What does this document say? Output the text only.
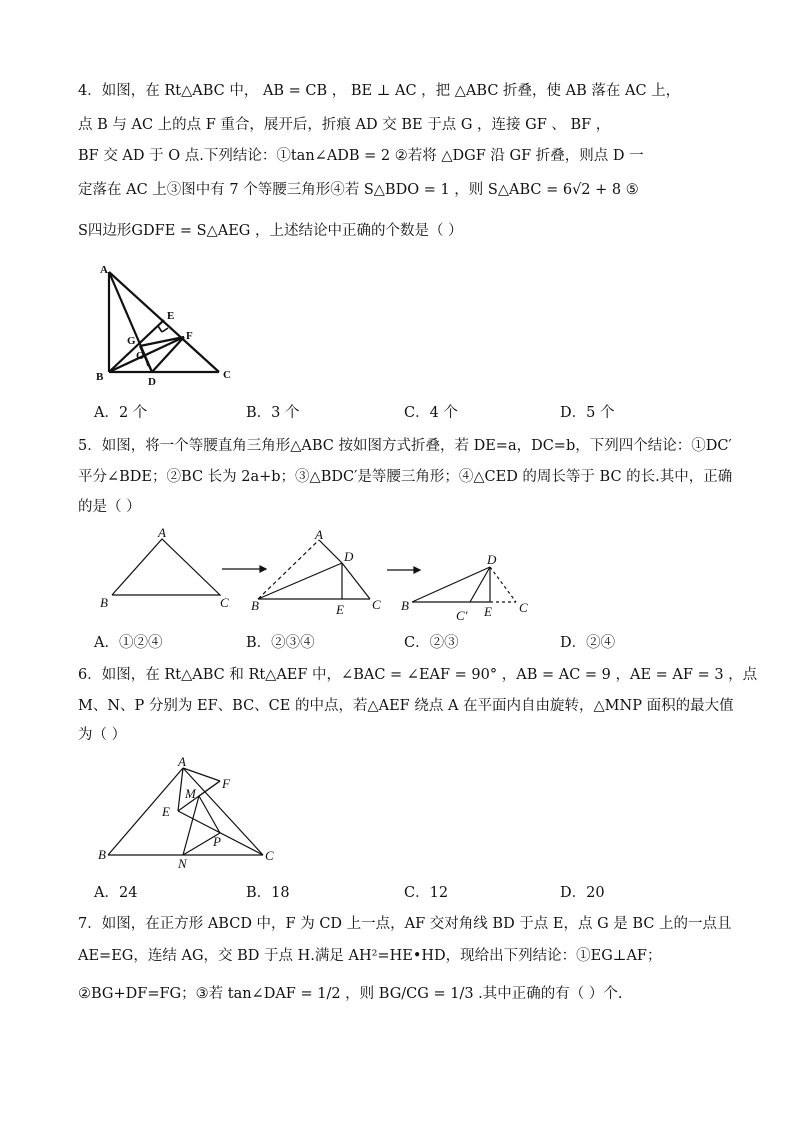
4．如图，在 Rt△ABC 中， AB = CB ， BE ⊥ AC ，把 △ABC 折叠，使 AB 落在 AC 上，
点 B 与 AC 上的点 F 重合，展开后，折痕 AD 交 BE 于点 G ，连接 GF 、 BF ，
BF 交 AD 于 O 点.下列结论：①tan∠ADB = 2 ②若将 △DGF 沿 GF 折叠，则点 D 一
定落在 AC 上③图中有 7 个等腰三角形④若 S△BDO = 1 ，则 S△ABC = 6√2 + 8 ⑤
S四边形GDFE = S△AEG ，上述结论中正确的个数是（ ）
A
E
F
G
O
B	D
C
A．2 个	B．3 个	C．4 个	D．5 个
5．如图，将一个等腰直角三角形△ABC 按如图方式折叠，若 DE=a，DC=b，下列四个结论：①DC′
平分∠BDE；②BC 长为 2a+b；③△BDC′是等腰三角形；④△CED 的周长等于 BC 的长.其中，正确
的是（ ）
A
B	C
A
D
B	E C
D
B
C′ E C
A．①②④	B．②③④	C．②③	D．②④
6．如图，在 Rt△ABC 和 Rt△AEF 中，∠BAC = ∠EAF = 90° ，AB = AC = 9 ，AE = AF = 3 ，点
M、N、P 分别为 EF、BC、CE 的中点，若△AEF 绕点 A 在平面内自由旋转，△MNP 面积的最大值
为（ ）
A
F
M
E
P
B
N
C
A．24	B．18	C．12	D．20
7．如图，在正方形 ABCD 中，F 为 CD 上一点，AF 交对角线 BD 于点 E，点 G 是 BC 上的一点且
AE=EG，连结 AG，交 BD 于点 H.满足 AH²=HE•HD，现给出下列结论：①EG⊥AF；
②BG+DF=FG；③若 tan∠DAF = 1/2 ，则 BG/CG = 1/3 .其中正确的有（ ）个.
